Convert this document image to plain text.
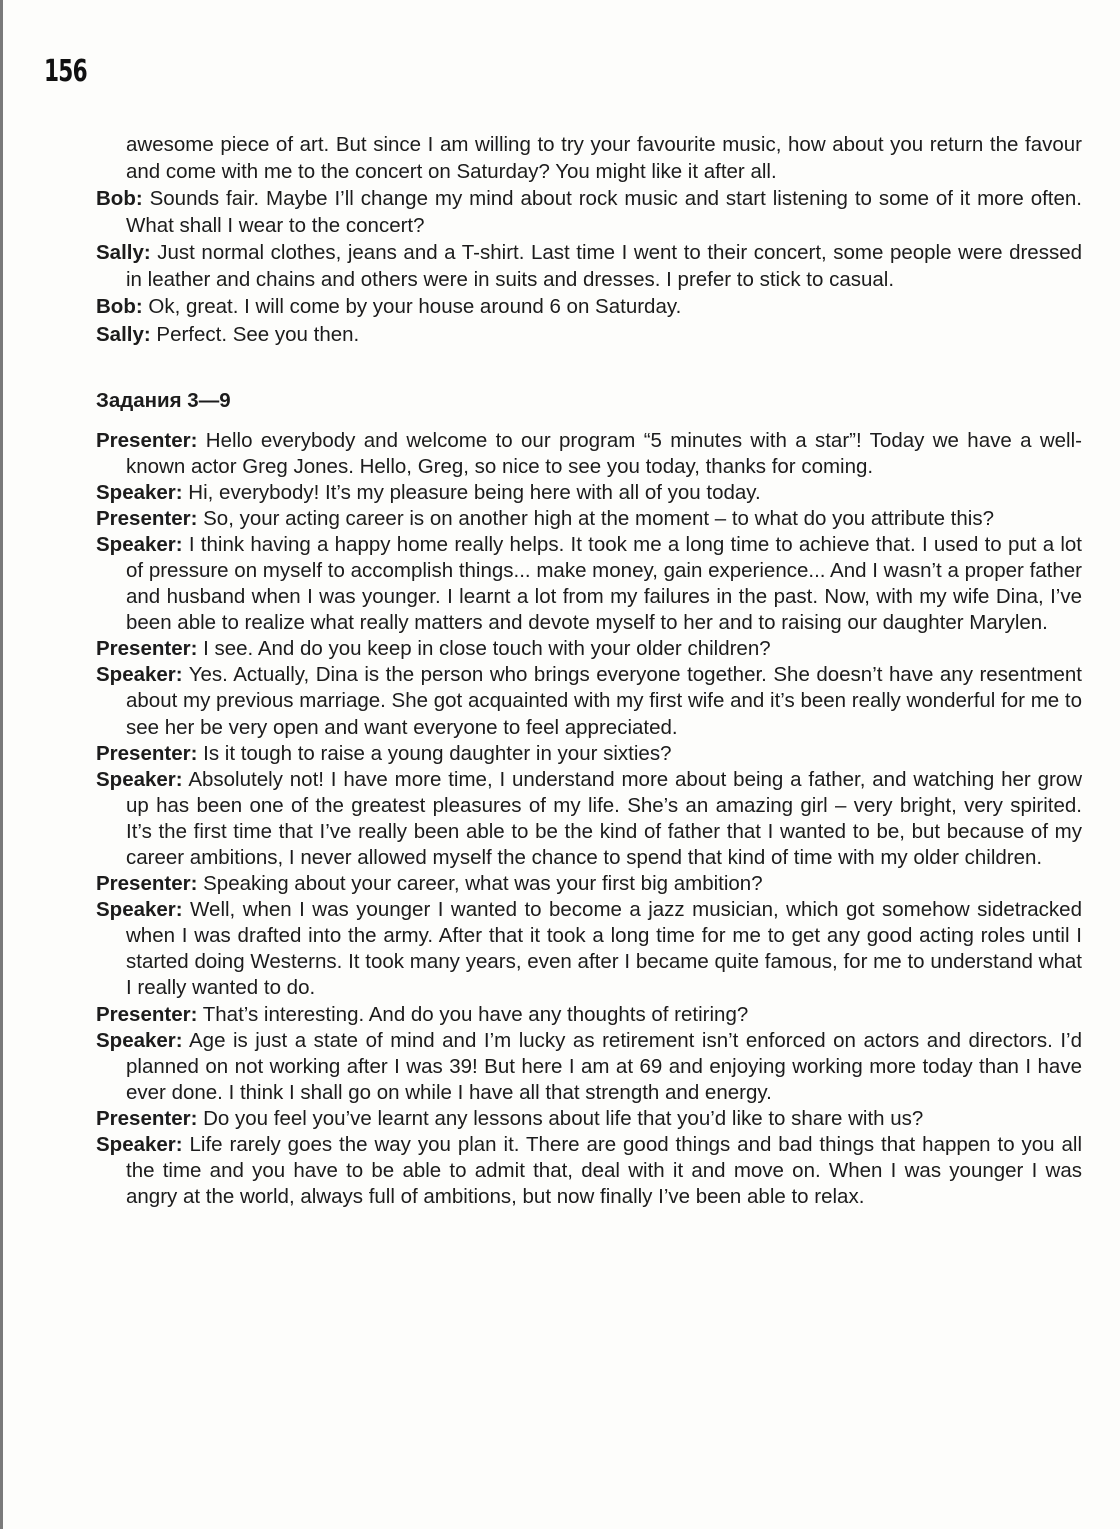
156

awesome piece of art. But since I am willing to try your favourite music, how about you return the favour and come with me to the concert on Saturday? You might like it after all.

Bob: Sounds fair. Maybe I’ll change my mind about rock music and start listening to some of it more often. What shall I wear to the concert?

Sally: Just normal clothes, jeans and a T-shirt. Last time I went to their concert, some people were dressed in leather and chains and others were in suits and dresses. I prefer to stick to casual.

Bob: Ok, great. I will come by your house around 6 on Saturday.

Sally: Perfect. See you then.

Задания 3—9

Presenter: Hello everybody and welcome to our program “5 minutes with a star”! Today we have a well-known actor Greg Jones. Hello, Greg, so nice to see you today, thanks for coming.

Speaker: Hi, everybody! It’s my pleasure being here with all of you today.

Presenter: So, your acting career is on another high at the moment – to what do you attribute this?

Speaker: I think having a happy home really helps. It took me a long time to achieve that. I used to put a lot of pressure on myself to accomplish things... make money, gain experience... And I wasn’t a proper father and husband when I was younger. I learnt a lot from my failures in the past. Now, with my wife Dina, I’ve been able to realize what really matters and devote myself to her and to raising our daughter Marylen.

Presenter: I see. And do you keep in close touch with your older children?

Speaker: Yes. Actually, Dina is the person who brings everyone together. She doesn’t have any resentment about my previous marriage. She got acquainted with my first wife and it’s been really wonderful for me to see her be very open and want everyone to feel appreciated.

Presenter: Is it tough to raise a young daughter in your sixties?

Speaker: Absolutely not! I have more time, I understand more about being a father, and watching her grow up has been one of the greatest pleasures of my life. She’s an amazing girl – very bright, very spirited. It’s the first time that I’ve really been able to be the kind of father that I wanted to be, but because of my career ambitions, I never allowed myself the chance to spend that kind of time with my older children.

Presenter: Speaking about your career, what was your first big ambition?

Speaker: Well, when I was younger I wanted to become a jazz musician, which got somehow sidetracked when I was drafted into the army. After that it took a long time for me to get any good acting roles until I started doing Westerns. It took many years, even after I became quite famous, for me to understand what I really wanted to do.

Presenter: That’s interesting. And do you have any thoughts of retiring?

Speaker: Age is just a state of mind and I’m lucky as retirement isn’t enforced on actors and directors. I’d planned on not working after I was 39! But here I am at 69 and enjoying working more today than I have ever done. I think I shall go on while I have all that strength and energy.

Presenter: Do you feel you’ve learnt any lessons about life that you’d like to share with us?

Speaker: Life rarely goes the way you plan it. There are good things and bad things that happen to you all the time and you have to be able to admit that, deal with it and move on. When I was younger I was angry at the world, always full of ambitions, but now finally I’ve been able to relax.
